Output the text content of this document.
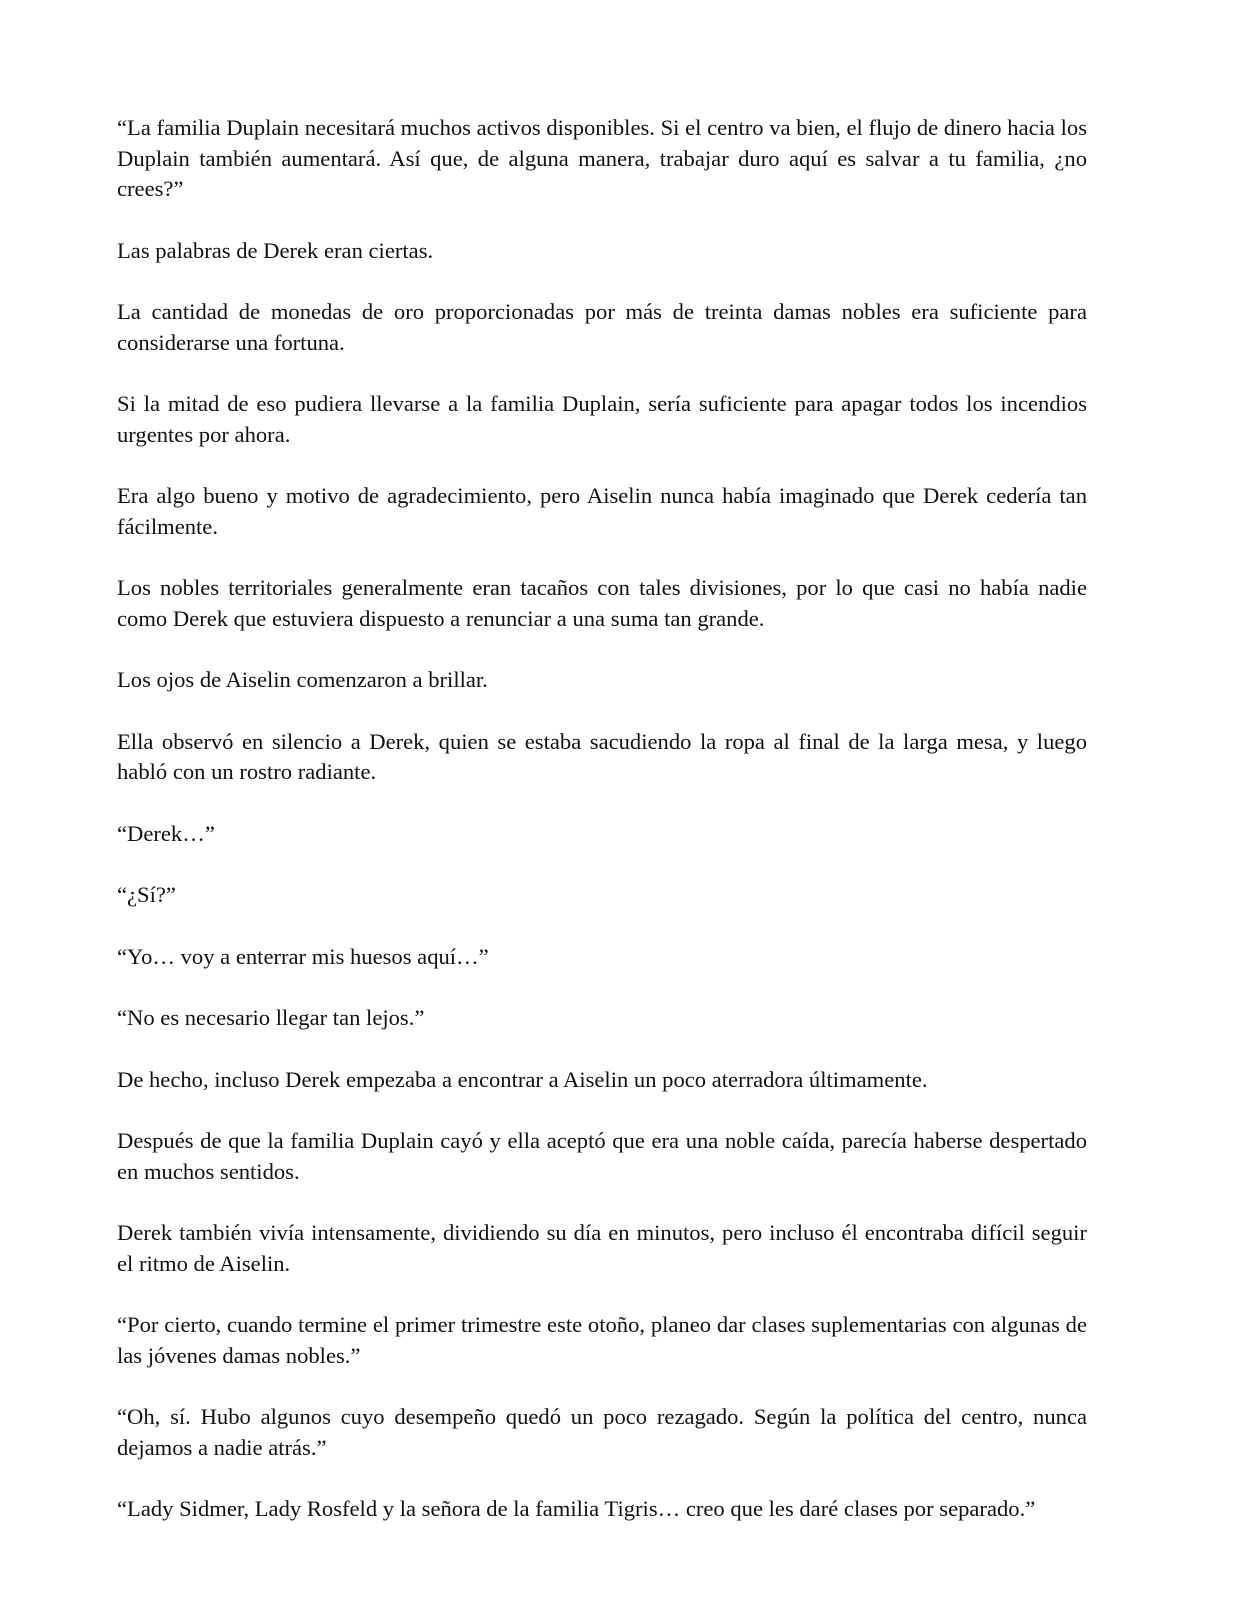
“La familia Duplain necesitará muchos activos disponibles. Si el centro va bien, el flujo de dinero hacia los Duplain también aumentará. Así que, de alguna manera, trabajar duro aquí es salvar a tu familia, ¿no crees?”

Las palabras de Derek eran ciertas.

La cantidad de monedas de oro proporcionadas por más de treinta damas nobles era suficiente para considerarse una fortuna.

Si la mitad de eso pudiera llevarse a la familia Duplain, sería suficiente para apagar todos los incendios urgentes por ahora.

Era algo bueno y motivo de agradecimiento, pero Aiselin nunca había imaginado que Derek cedería tan fácilmente.

Los nobles territoriales generalmente eran tacaños con tales divisiones, por lo que casi no había nadie como Derek que estuviera dispuesto a renunciar a una suma tan grande.

Los ojos de Aiselin comenzaron a brillar.

Ella observó en silencio a Derek, quien se estaba sacudiendo la ropa al final de la larga mesa, y luego habló con un rostro radiante.

“Derek…”

“¿Sí?”

“Yo… voy a enterrar mis huesos aquí…”

“No es necesario llegar tan lejos.”

De hecho, incluso Derek empezaba a encontrar a Aiselin un poco aterradora últimamente.

Después de que la familia Duplain cayó y ella aceptó que era una noble caída, parecía haberse despertado en muchos sentidos.

Derek también vivía intensamente, dividiendo su día en minutos, pero incluso él encontraba difícil seguir el ritmo de Aiselin.

“Por cierto, cuando termine el primer trimestre este otoño, planeo dar clases suplementarias con algunas de las jóvenes damas nobles.”

“Oh, sí. Hubo algunos cuyo desempeño quedó un poco rezagado. Según la política del centro, nunca dejamos a nadie atrás.”

“Lady Sidmer, Lady Rosfeld y la señora de la familia Tigris… creo que les daré clases por separado.”
